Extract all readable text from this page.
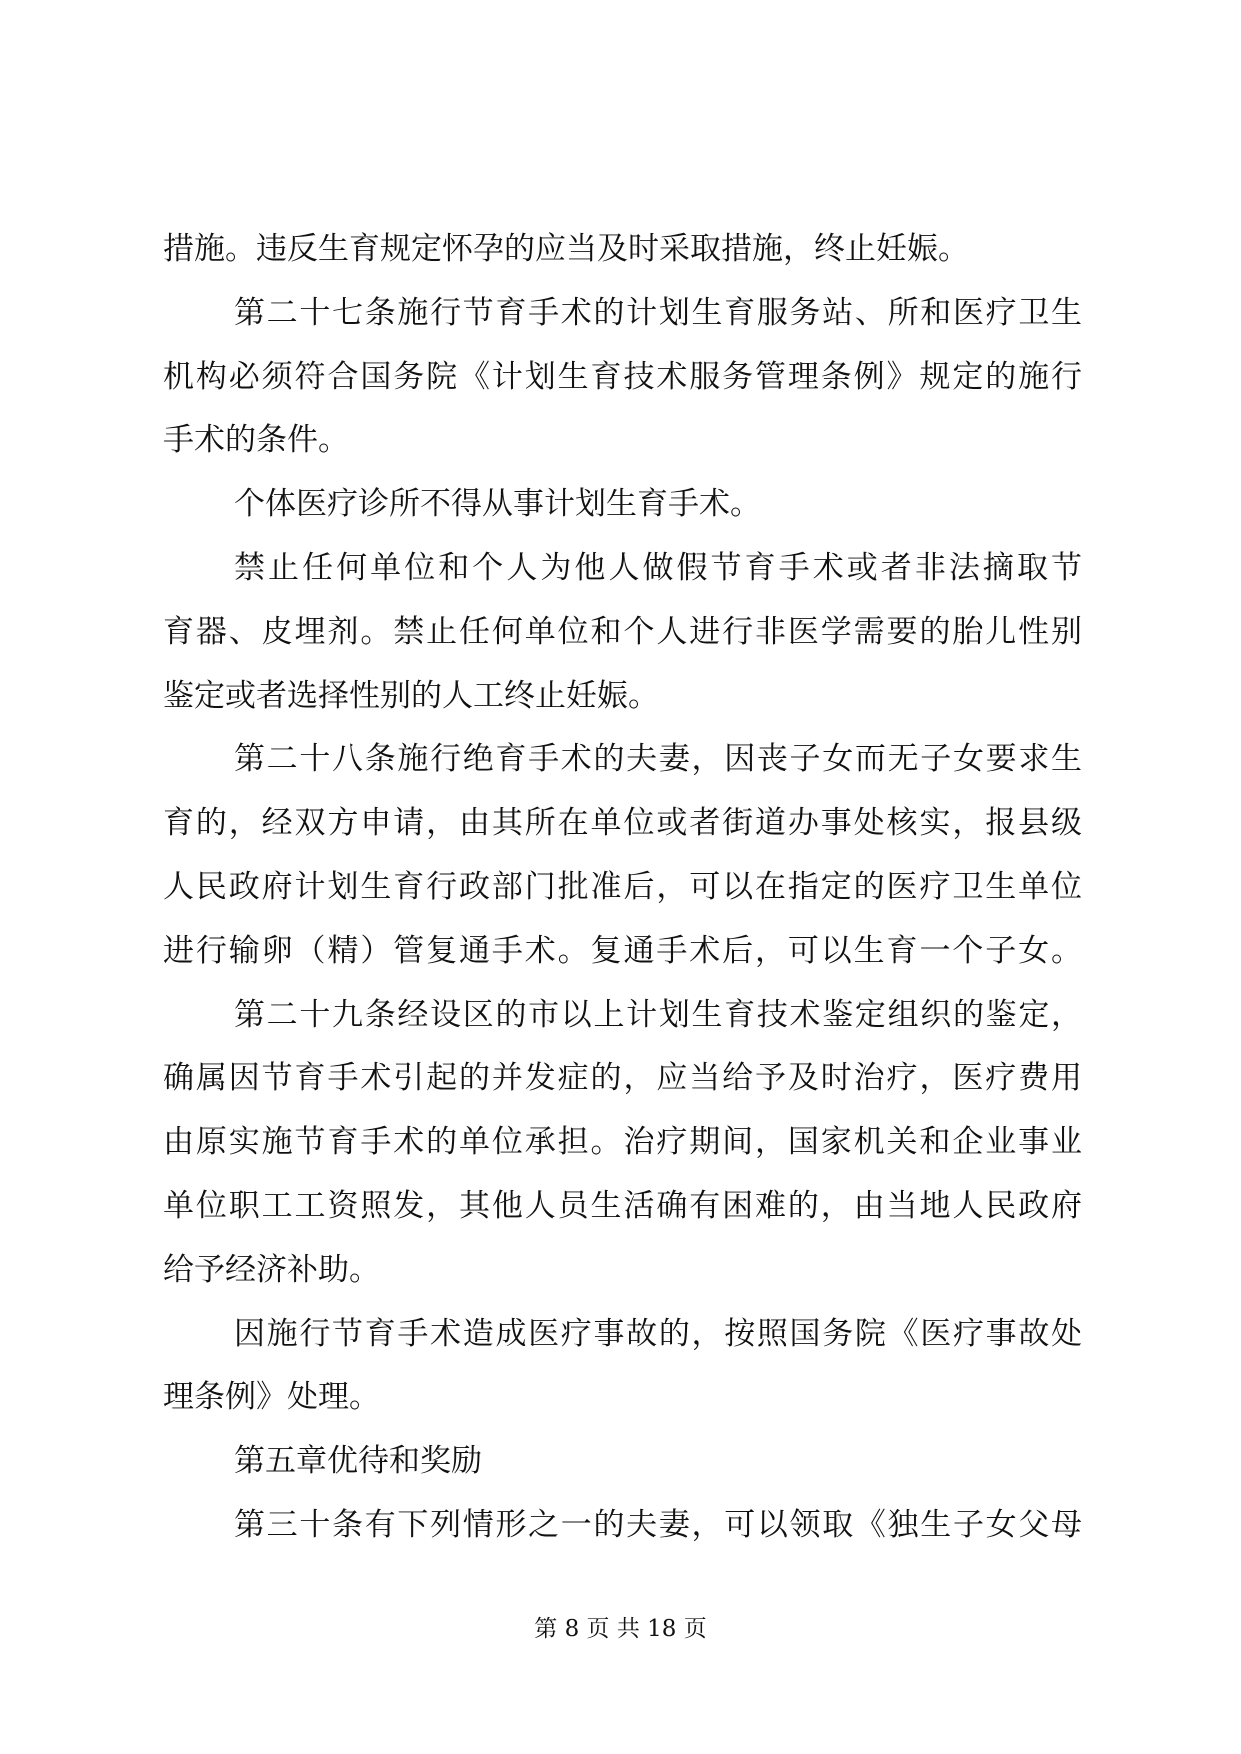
措施。违反生育规定怀孕的应当及时采取措施，终止妊娠。
第二十七条施行节育手术的计划生育服务站、所和医疗卫生
机构必须符合国务院《计划生育技术服务管理条例》规定的施行
手术的条件。
个体医疗诊所不得从事计划生育手术。
禁止任何单位和个人为他人做假节育手术或者非法摘取节
育器、皮埋剂。禁止任何单位和个人进行非医学需要的胎儿性别
鉴定或者选择性别的人工终止妊娠。
第二十八条施行绝育手术的夫妻，因丧子女而无子女要求生
育的，经双方申请，由其所在单位或者街道办事处核实，报县级
人民政府计划生育行政部门批准后，可以在指定的医疗卫生单位
进行输卵（精）管复通手术。复通手术后，可以生育一个子女。
第二十九条经设区的市以上计划生育技术鉴定组织的鉴定，
确属因节育手术引起的并发症的，应当给予及时治疗，医疗费用
由原实施节育手术的单位承担。治疗期间，国家机关和企业事业
单位职工工资照发，其他人员生活确有困难的，由当地人民政府
给予经济补助。
因施行节育手术造成医疗事故的，按照国务院《医疗事故处
理条例》处理。
第五章优待和奖励
第三十条有下列情形之一的夫妻，可以领取《独生子女父母
第 8 页 共 18 页
